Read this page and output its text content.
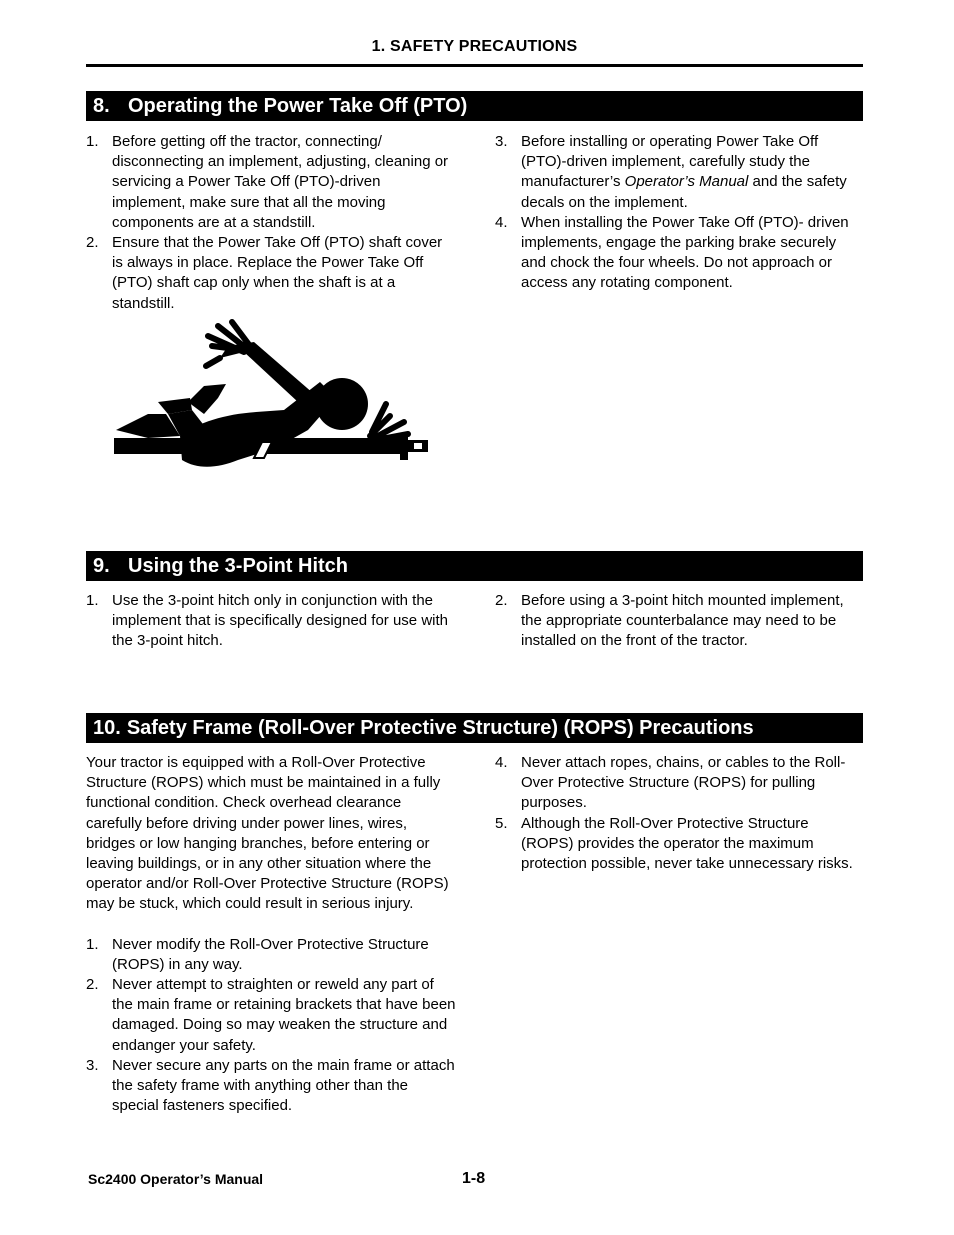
1. SAFETY PRECAUTIONS
8. Operating the Power Take Off (PTO)
1. Before getting off the tractor, connecting/ disconnecting an implement, adjusting, cleaning or servicing a Power Take Off (PTO)-driven implement, make sure that all the moving components are at a standstill.
2. Ensure that the Power Take Off (PTO) shaft cover is always in place. Replace the Power Take Off (PTO) shaft cap only when the shaft is at a standstill.
3. Before installing or operating Power Take Off (PTO)-driven implement, carefully study the manufacturer’s Operator’s Manual and the safety decals on the implement.
4. When installing the Power Take Off (PTO)- driven implements, engage the parking brake securely and chock the four wheels. Do not approach or access any rotating component.
9. Using the 3-Point Hitch
1. Use the 3-point hitch only in conjunction with the implement that is specifically designed for use with the 3-point hitch.
2. Before using a 3-point hitch mounted implement, the appropriate counterbalance may need to be installed on the front of the tractor.
10. Safety Frame (Roll-Over Protective Structure) (ROPS) Precautions

Your tractor is equipped with a Roll-Over Protective Structure (ROPS) which must be maintained in a fully functional condition. Check overhead clearance carefully before driving under power lines, wires, bridges or low hanging branches, before entering or leaving buildings, or in any other situation where the operator and/or Roll-Over Protective Structure (ROPS) may be stuck, which could result in serious injury.

1. Never modify the Roll-Over Protective Structure (ROPS) in any way.
2. Never attempt to straighten or reweld any part of the main frame or retaining brackets that have been damaged. Doing so may weaken the structure and endanger your safety.
3. Never secure any parts on the main frame or attach the safety frame with anything other than the special fasteners specified.
4. Never attach ropes, chains, or cables to the Roll-Over Protective Structure (ROPS) for pulling purposes.
5. Although the Roll-Over Protective Structure (ROPS) provides the operator the maximum protection possible, never take unnecessary risks.
Sc2400 Operator’s Manual	1-8
